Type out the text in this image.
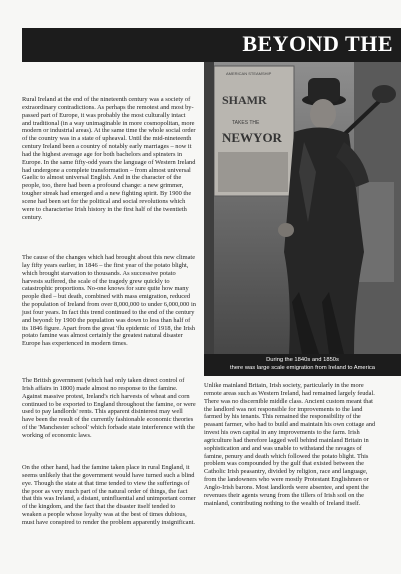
BEYOND THE
AMERICAN STEAMSHIP
SHAMR
TAKES THE
NEWYOR
During the 1840s and 1850s
there was large scale emigration from Ireland to America

Rural Ireland at the end of the nineteenth century was a society of extraordinary contradictions. As perhaps the remotest and most by-passed part of Europe, it was probably the most culturally intact and traditional (in a way unimaginable in more cosmopolitan, more modern or industrial areas). At the same time the whole social order of the country was in a state of upheaval. Until the mid-nineteenth century Ireland been a country of notably early marriages – now it had the highest average age for both bachelors and spinsters in Europe. In the same fifty-odd years the language of Western Ireland had undergone a complete transformation – from almost universal Gaelic to almost universal English. And in the character of the people, too, there had been a profound change: a new grimmer, tougher streak had emerged and a new fighting spirit. By 1900 the scene had been set for the political and social revolutions which were to characterise Irish history in the first half of the twentieth century.

The cause of the changes which had brought about this new climate lay fifty years earlier, in 1846 – the first year of the potato blight, which brought starvation to thousands. As successive potato harvests suffered, the scale of the tragedy grew quickly to catastrophic proportions. No-one knows for sure quite how many people died – but death, combined with mass emigration, reduced the population of Ireland from over 8,000,000 to under 6,000,000 in just four years. In fact this trend continued to the end of the century and beyond: by 1900 the population was down to less than half of its 1846 figure. Apart from the great 'flu epidemic of 1918, the Irish potato famine was almost certainly the greatest natural disaster Europe has experienced in modern times.

The British government (which had only taken direct control of Irish affairs in 1800) made almost no response to the famine. Against massive protest, Ireland's rich harvests of wheat and corn continued to be exported to England throughout the famine, or were used to pay landlords' rents. This apparent disinterest may well have been the result of the currently fashionable economic theories of the 'Manchester school' which forbade state interference with the working of economic laws.

On the other hand, had the famine taken place in rural England, it seems unlikely that the government would have turned such a blind eye. Though the state at that time tended to view the sufferings of the poor as very much part of the natural order of things, the fact that this was Ireland, a distant, uninfluential and unimportant corner of the kingdom, and the fact that the disaster itself tended to weaken a people whose loyalty was at the best of times dubious, must have conspired to render the problem apparently insignificant.

Unlike mainland Britain, Irish society, particularly in the more remote areas such as Western Ireland, had remained largely feudal. There was no discernible middle class. Ancient custom meant that the landlord was not responsible for improvements to the land farmed by his tenants. This remained the responsibility of the peasant farmer, who had to build and maintain his own cottage and invest his own capital in any improvements to the farm. Irish agriculture had therefore lagged well behind mainland Britain in sophistication and and was unable to withstand the ravages of famine, penury and death which followed the potato blight. This problem was compounded by the gulf that existed between the Catholic Irish peasantry, divided by religion, race and language, from the landowners who were mostly Protestant Englishmen or Anglo-Irish barons. Most landlords were absentee, and spent the revenues their agents wrung from the tillers of Irish soil on the mainland, contributing nothing to the wealth of Ireland itself.
